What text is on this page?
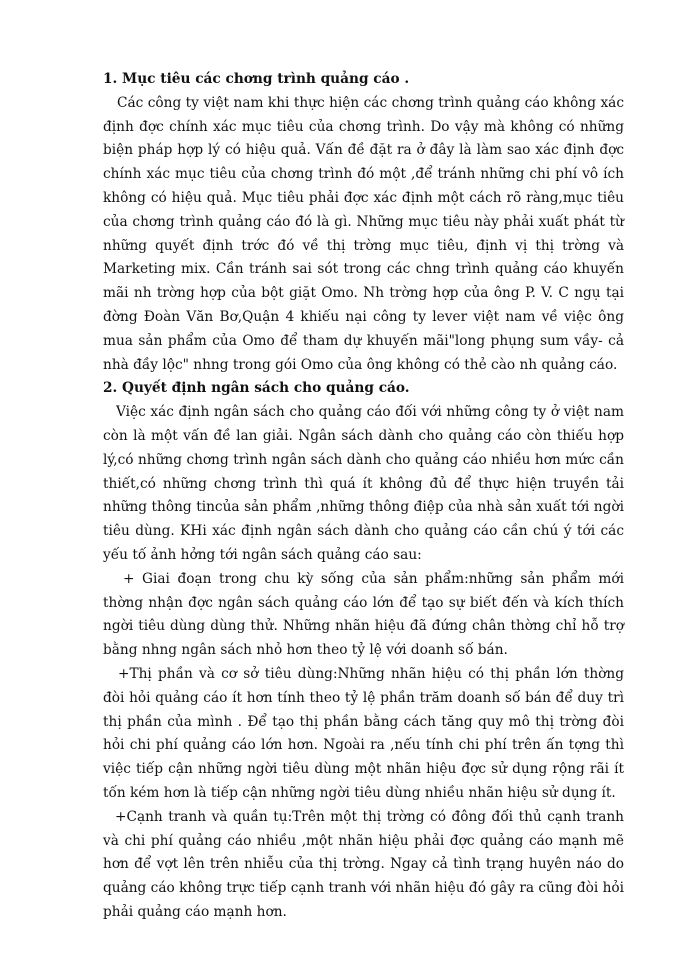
1. Mục tiêu các chơng trình quảng cáo .

Các công ty việt nam khi thực hiện các chơng trình quảng cáo không xác định đợc chính xác mục tiêu của chơng trình. Do vậy mà không có những biện pháp hợp lý có hiệu quả. Vấn đề đặt ra ở đây là làm sao xác định đợc chính xác mục tiêu của chơng trình đó một ,để tránh những chi phí vô ích không có hiệu quả. Mục tiêu phải đợc xác định một cách rõ ràng,mục tiêu của chơng trình quảng cáo đó là gì. Những mục tiêu này phải xuất phát từ những quyết định trớc đó về thị trờng mục tiêu, định vị thị trờng và Marketing mix. Cần tránh sai sót trong các chng trình quảng cáo khuyến mãi nh trờng hợp của bột giặt Omo. Nh trờng hợp của ông P. V. C ngụ tại đờng Đoàn Văn Bơ,Quận 4 khiếu nại công ty lever việt nam về việc ông mua sản phẩm của Omo để tham dự khuyến mãi"long phụng sum vầy- cả nhà đầy lộc" nhng trong gói Omo của ông không có thẻ cào nh quảng cáo.

2. Quyết định ngân sách cho quảng cáo.

Việc xác định ngân sách cho quảng cáo đối với những công ty ở việt nam còn là một vấn đề lan giải. Ngân sách dành cho quảng cáo còn thiếu hợp lý,có những chơng trình ngân sách dành cho quảng cáo nhiều hơn mức cần thiết,có những chơng trình thì quá ít không đủ để thực hiện truyền tải những thông tincủa sản phẩm ,những thông điệp của nhà sản xuất tới ngời tiêu dùng. KHi xác định ngân sách dành cho quảng cáo cần chú ý tới các yếu tố ảnh hởng tới ngân sách quảng cáo sau:

+ Giai đoạn trong chu kỳ sống của sản phẩm:những sản phẩm mới thờng nhận đợc ngân sách quảng cáo lớn để tạo sự biết đến và kích thích ngời tiêu dùng dùng thử. Những nhãn hiệu đã đứng chân thờng chỉ hỗ trợ bằng nhng ngân sách nhỏ hơn theo tỷ lệ với doanh số bán.

+Thị phần và cơ sở tiêu dùng:Những nhãn hiệu có thị phần lớn thờng đòi hỏi quảng cáo ít hơn tính theo tỷ lệ phần trăm doanh số bán để duy trì thị phần của mình . Để tạo thị phần bằng cách tăng quy mô thị trờng đòi hỏi chi phí quảng cáo lớn hơn. Ngoài ra ,nếu tính chi phí trên ấn tợng thì việc tiếp cận những ngời tiêu dùng một nhãn hiệu đợc sử dụng rộng rãi ít tốn kém hơn là tiếp cận những ngời tiêu dùng nhiều nhãn hiệu sử dụng ít.

+Cạnh tranh và quần tụ:Trên một thị trờng có đông đối thủ cạnh tranh và chi phí quảng cáo nhiều ,một nhãn hiệu phải đợc quảng cáo mạnh mẽ hơn để vợt lên trên nhiễu của thị trờng. Ngay cả tình trạng huyên náo do quảng cáo không trực tiếp cạnh tranh với nhãn hiệu đó gây ra cũng đòi hỏi phải quảng cáo mạnh hơn.
